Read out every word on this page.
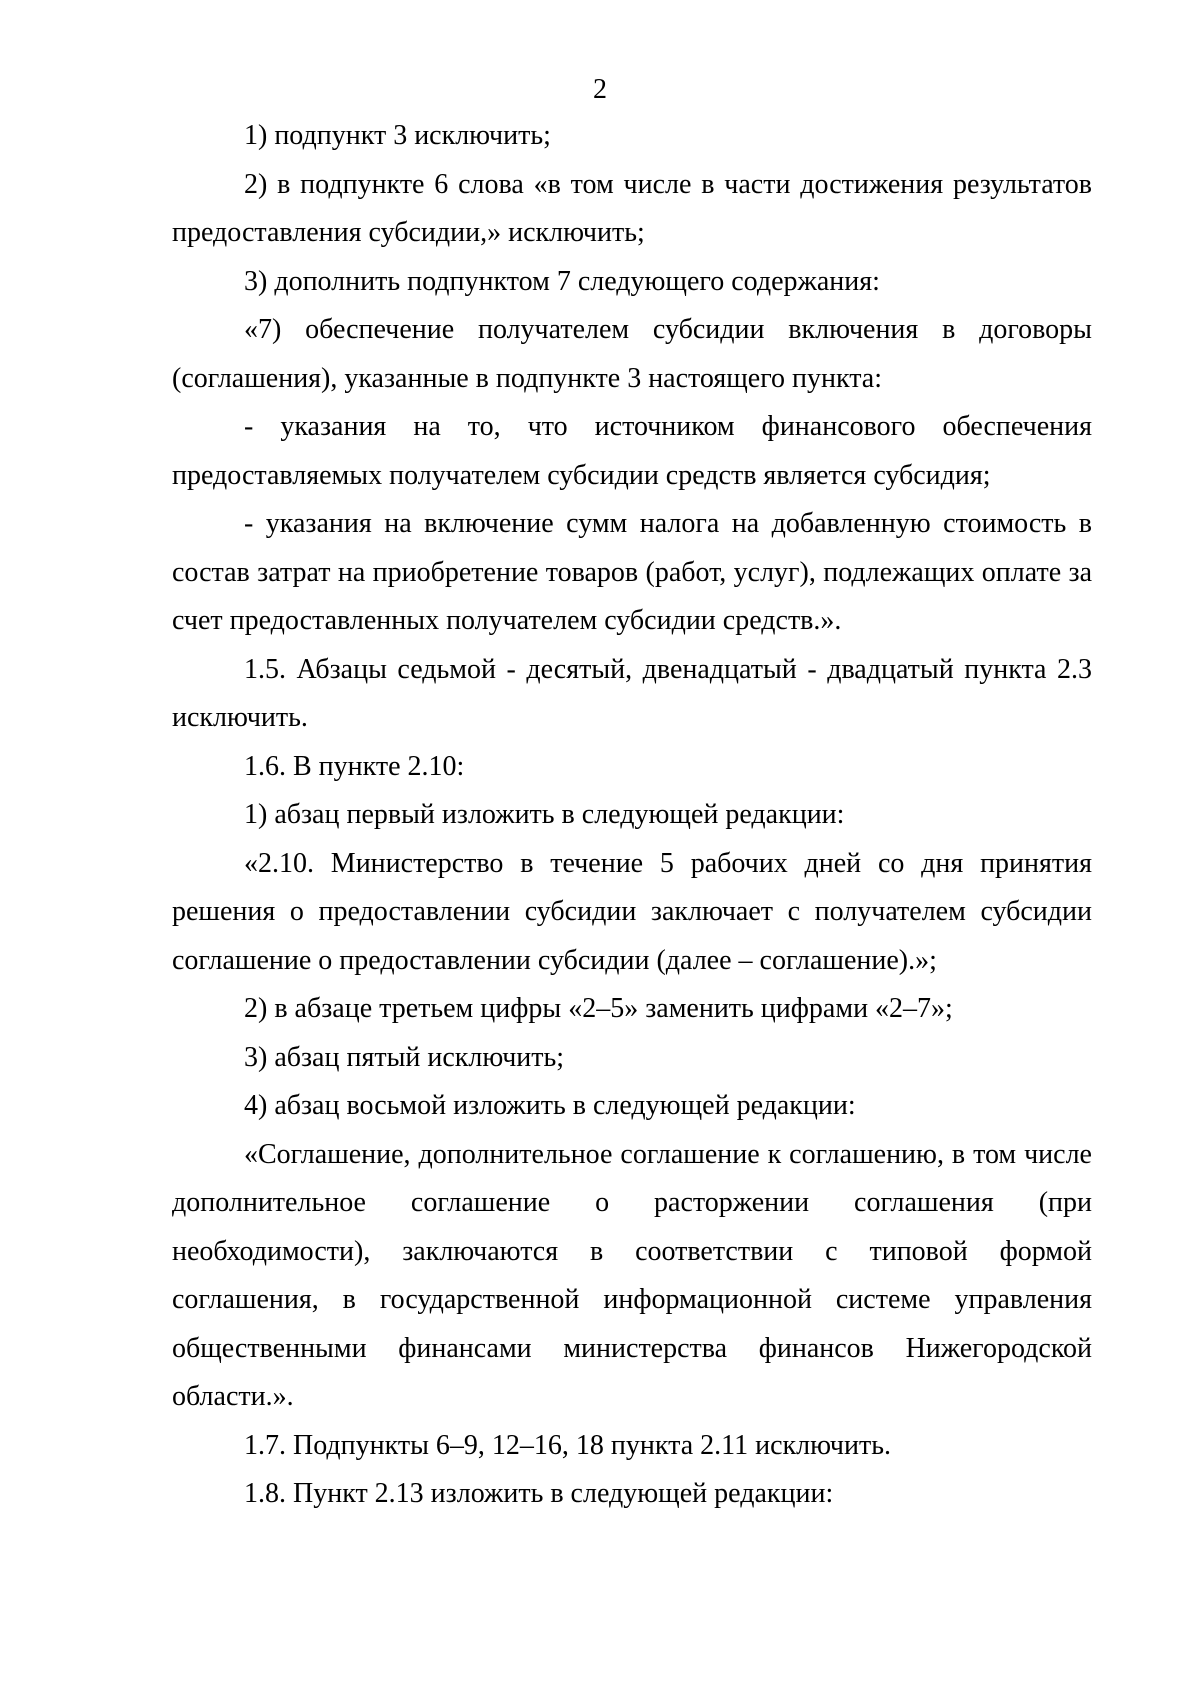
2

1) подпункт 3 исключить;

2) в подпункте 6 слова «в том числе в части достижения результатов предоставления субсидии,» исключить;

3) дополнить подпунктом 7 следующего содержания:

«7) обеспечение получателем субсидии включения в договоры (соглашения), указанные в подпункте 3 настоящего пункта:

- указания на то, что источником финансового обеспечения предоставляемых получателем субсидии средств является субсидия;

- указания на включение сумм налога на добавленную стоимость в состав затрат на приобретение товаров (работ, услуг), подлежащих оплате за счет предоставленных получателем субсидии средств.».

1.5. Абзацы седьмой - десятый, двенадцатый - двадцатый пункта 2.3 исключить.

1.6. В пункте 2.10:

1) абзац первый изложить в следующей редакции:

«2.10. Министерство в течение 5 рабочих дней со дня принятия решения о предоставлении субсидии заключает с получателем субсидии соглашение о предоставлении субсидии (далее – соглашение).»;

2) в абзаце третьем цифры «2–5» заменить цифрами «2–7»;

3) абзац пятый исключить;

4) абзац восьмой изложить в следующей редакции:

«Соглашение, дополнительное соглашение к соглашению, в том числе дополнительное соглашение о расторжении соглашения (при необходимости), заключаются в соответствии с типовой формой соглашения, в государственной информационной системе управления общественными финансами министерства финансов Нижегородской области.».

1.7. Подпункты 6–9, 12–16, 18 пункта 2.11 исключить.

1.8. Пункт 2.13 изложить в следующей редакции:
